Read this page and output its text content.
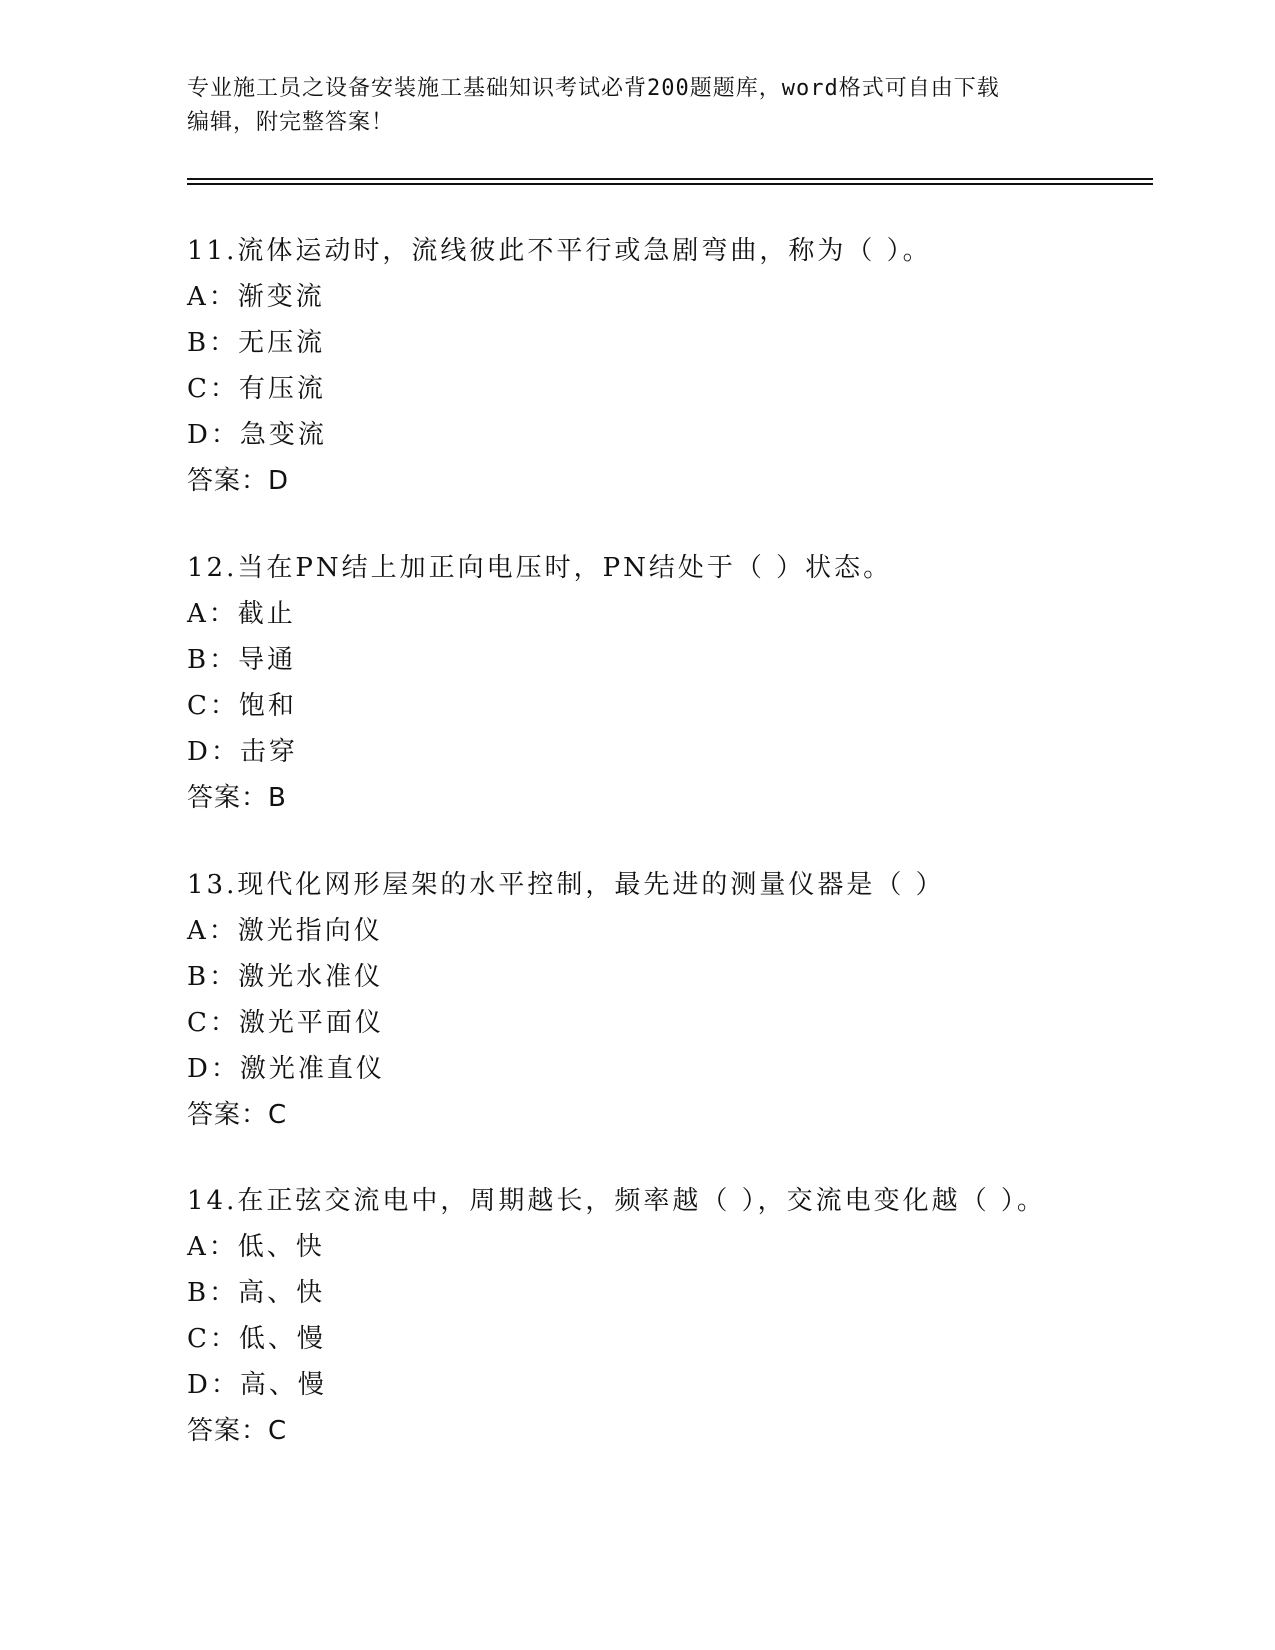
专业施工员之设备安装施工基础知识考试必背200题题库，word格式可自由下载
编辑，附完整答案！
11.流体运动时，流线彼此不平行或急剧弯曲，称为（ ）。
A：渐变流
B：无压流
C：有压流
D：急变流
答案：D
12.当在PN结上加正向电压时，PN结处于（ ）状态。
A：截止
B：导通
C：饱和
D：击穿
答案：B
13.现代化网形屋架的水平控制，最先进的测量仪器是（ ）
A：激光指向仪
B：激光水准仪
C：激光平面仪
D：激光准直仪
答案：C
14.在正弦交流电中，周期越长，频率越（ ），交流电变化越（ ）。
A：低、快
B：高、快
C：低、慢
D：高、慢
答案：C
